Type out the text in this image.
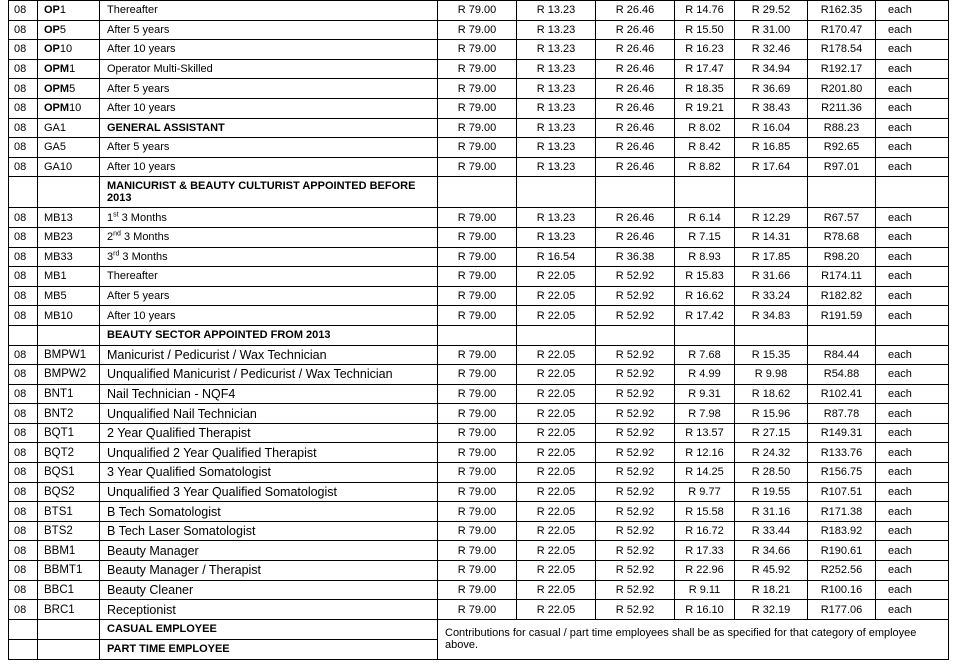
08	OP1	Thereafter	R 79.00	R 13.23	R 26.46	R 14.76	R 29.52	R162.35	each
08	OP5	After 5 years	R 79.00	R 13.23	R 26.46	R 15.50	R 31.00	R170.47	each
08	OP10	After 10 years	R 79.00	R 13.23	R 26.46	R 16.23	R 32.46	R178.54	each
08	OPM1	Operator Multi-Skilled	R 79.00	R 13.23	R 26.46	R 17.47	R 34.94	R192.17	each
08	OPM5	After 5 years	R 79.00	R 13.23	R 26.46	R 18.35	R 36.69	R201.80	each
08	OPM10	After 10 years	R 79.00	R 13.23	R 26.46	R 19.21	R 38.43	R211.36	each
08	GA1	GENERAL ASSISTANT	R 79.00	R 13.23	R 26.46	R 8.02	R 16.04	R88.23	each
08	GA5	After 5 years	R 79.00	R 13.23	R 26.46	R 8.42	R 16.85	R92.65	each
08	GA10	After 10 years	R 79.00	R 13.23	R 26.46	R 8.82	R 17.64	R97.01	each
		MANICURIST & BEAUTY CULTURIST APPOINTED BEFORE 2013							
08	MB13	1st 3 Months	R 79.00	R 13.23	R 26.46	R 6.14	R 12.29	R67.57	each
08	MB23	2nd 3 Months	R 79.00	R 13.23	R 26.46	R 7.15	R 14.31	R78.68	each
08	MB33	3rd 3 Months	R 79.00	R 16.54	R 36.38	R 8.93	R 17.85	R98.20	each
08	MB1	Thereafter	R 79.00	R 22.05	R 52.92	R 15.83	R 31.66	R174.11	each
08	MB5	After 5 years	R 79.00	R 22.05	R 52.92	R 16.62	R 33.24	R182.82	each
08	MB10	After 10 years	R 79.00	R 22.05	R 52.92	R 17.42	R 34.83	R191.59	each
		BEAUTY SECTOR APPOINTED FROM 2013							
08	BMPW1	Manicurist / Pedicurist / Wax Technician	R 79.00	R 22.05	R 52.92	R 7.68	R 15.35	R84.44	each
08	BMPW2	Unqualified Manicurist / Pedicurist / Wax Technician	R 79.00	R 22.05	R 52.92	R 4.99	R 9.98	R54.88	each
08	BNT1	Nail Technician - NQF4	R 79.00	R 22.05	R 52.92	R 9.31	R 18.62	R102.41	each
08	BNT2	Unqualified Nail Technician	R 79.00	R 22.05	R 52.92	R 7.98	R 15.96	R87.78	each
08	BQT1	2 Year Qualified Therapist	R 79.00	R 22.05	R 52.92	R 13.57	R 27.15	R149.31	each
08	BQT2	Unqualified 2 Year Qualified Therapist	R 79.00	R 22.05	R 52.92	R 12.16	R 24.32	R133.76	each
08	BQS1	3 Year Qualified Somatologist	R 79.00	R 22.05	R 52.92	R 14.25	R 28.50	R156.75	each
08	BQS2	Unqualified 3 Year Qualified Somatologist	R 79.00	R 22.05	R 52.92	R 9.77	R 19.55	R107.51	each
08	BTS1	B Tech Somatologist	R 79.00	R 22.05	R 52.92	R 15.58	R 31.16	R171.38	each
08	BTS2	B Tech Laser Somatologist	R 79.00	R 22.05	R 52.92	R 16.72	R 33.44	R183.92	each
08	BBM1	Beauty Manager	R 79.00	R 22.05	R 52.92	R 17.33	R 34.66	R190.61	each
08	BBMT1	Beauty Manager / Therapist	R 79.00	R 22.05	R 52.92	R 22.96	R 45.92	R252.56	each
08	BBC1	Beauty Cleaner	R 79.00	R 22.05	R 52.92	R 9.11	R 18.21	R100.16	each
08	BRC1	Receptionist	R 79.00	R 22.05	R 52.92	R 16.10	R 32.19	R177.06	each
		CASUAL EMPLOYEE	Contributions for casual / part time employees shall be as specified for that category of employee above.						
		PART TIME EMPLOYEE							
